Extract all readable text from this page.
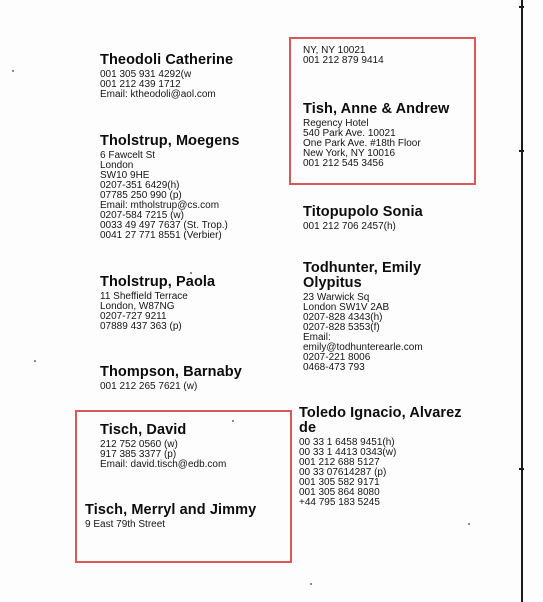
Theodoli Catherine
001 305 931 4292(w
001 212 439 1712
Email: ktheodoli@aol.com
Tholstrup, Moegens
6 Fawcelt St
London
SW10 9HE
0207-351 6429(h)
07785 250 990 (p)
Email: mtholstrup@cs.com
0207-584 7215 (w)
0033 49 497 7637 (St. Trop.)
0041 27 771 8551 (Verbier)
Tholstrup, Paola
11 Sheffield Terrace
London, W87NG
0207-727 9211
07889 437 363 (p)
Thompson, Barnaby
001 212 265 7621 (w)
Tisch, David
212 752 0560 (w)
917 385 3377 (p)
Email: david.tisch@edb.com
Tisch, Merryl and Jimmy
9 East 79th Street
NY, NY 10021
001 212 879 9414
Tish, Anne & Andrew
Regency Hotel
540 Park Ave. 10021
One Park Ave. #18th Floor
New York, NY 10016
001 212 545 3456
Titopupolo Sonia
001 212 706 2457(h)
Todhunter, Emily
Olypitus
23 Warwick Sq
London SW1V 2AB
0207-828 4343(h)
0207-828 5353(f)
Email:
emily@todhunterearle.com
0207-221 8006
0468-473 793
Toledo Ignacio, Alvarez
de
00 33 1 6458 9451(h)
00 33 1 4413 0343(w)
001 212 688 5127
00 33 07614287 (p)
001 305 582 9171
001 305 864 8080
+44 795 183 5245
